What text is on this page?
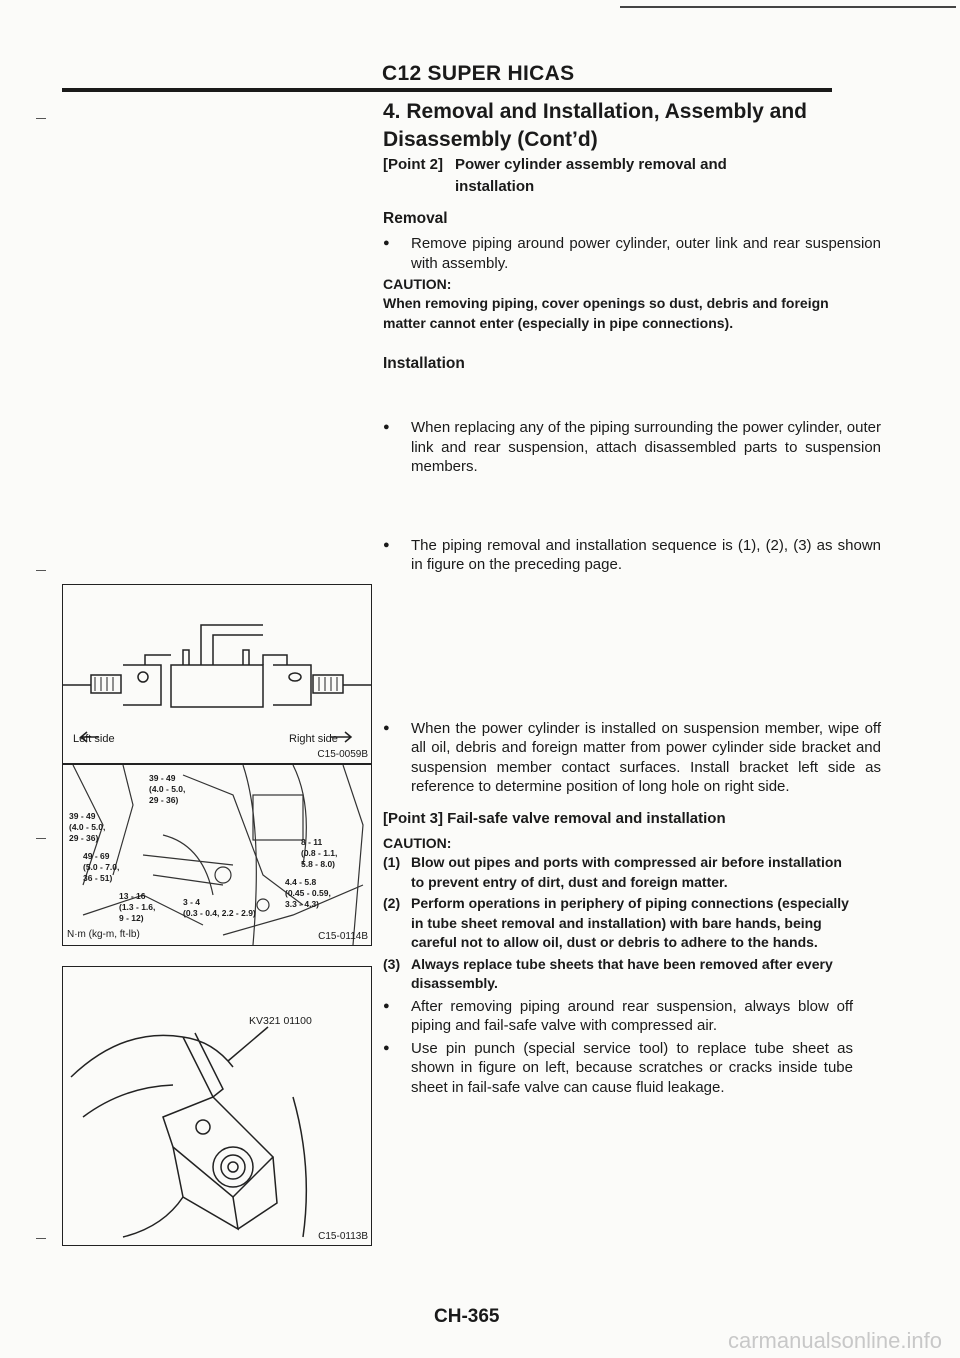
C12 SUPER HICAS
4. Removal and Installation, Assembly and Disassembly (Cont’d)
[Point 2] Power cylinder assembly removal and installation
Removal
● Remove piping around power cylinder, outer link and rear suspension with assembly.
CAUTION:
When removing piping, cover openings so dust, debris and foreign matter cannot enter (especially in pipe connections).
Installation
● When replacing any of the piping surrounding the power cylinder, outer link and rear suspension, attach disassembled parts to suspension members.
● The piping removal and installation sequence is (1), (2), (3) as shown in figure on the preceding page.
● When the power cylinder is installed on suspension member, wipe off all oil, debris and foreign matter from power cylinder side bracket and suspension member contact surfaces. Install bracket left side as reference to determine position of long hole on right side.
[Point 3] Fail-safe valve removal and installation
CAUTION:
(1) Blow out pipes and ports with compressed air before installation to prevent entry of dirt, dust and foreign matter.
(2) Perform operations in periphery of piping connections (especially in tube sheet removal and installation) with bare hands, being careful not to allow oil, dust or debris to adhere to the hands.
(3) Always replace tube sheets that have been removed after every disassembly.
● After removing piping around rear suspension, always blow off piping and fail-safe valve with compressed air.
● Use pin punch (special service tool) to replace tube sheet as shown in figure on left, because scratches or cracks inside tube sheet in fail-safe valve can cause fluid leakage.
Left side	Right side
C15-0059B
39 - 49
(4.0 - 5.0,
29 - 36)
39 - 49
(4.0 - 5.0,
29 - 36)
49 - 69
(5.0 - 7.0,
36 - 51)
8 - 11
(0.8 - 1.1,
5.8 - 8.0)
4.4 - 5.8
(0.45 - 0.59,
3.3 - 4.3)
13 - 16
(1.3 - 1.6,
9 - 12)
3 - 4
(0.3 - 0.4, 2.2 - 2.9)
N·m (kg-m, ft-lb)	C15-0114B
KV321 01100
C15-0113B
CH-365
carmanualsonline.info
